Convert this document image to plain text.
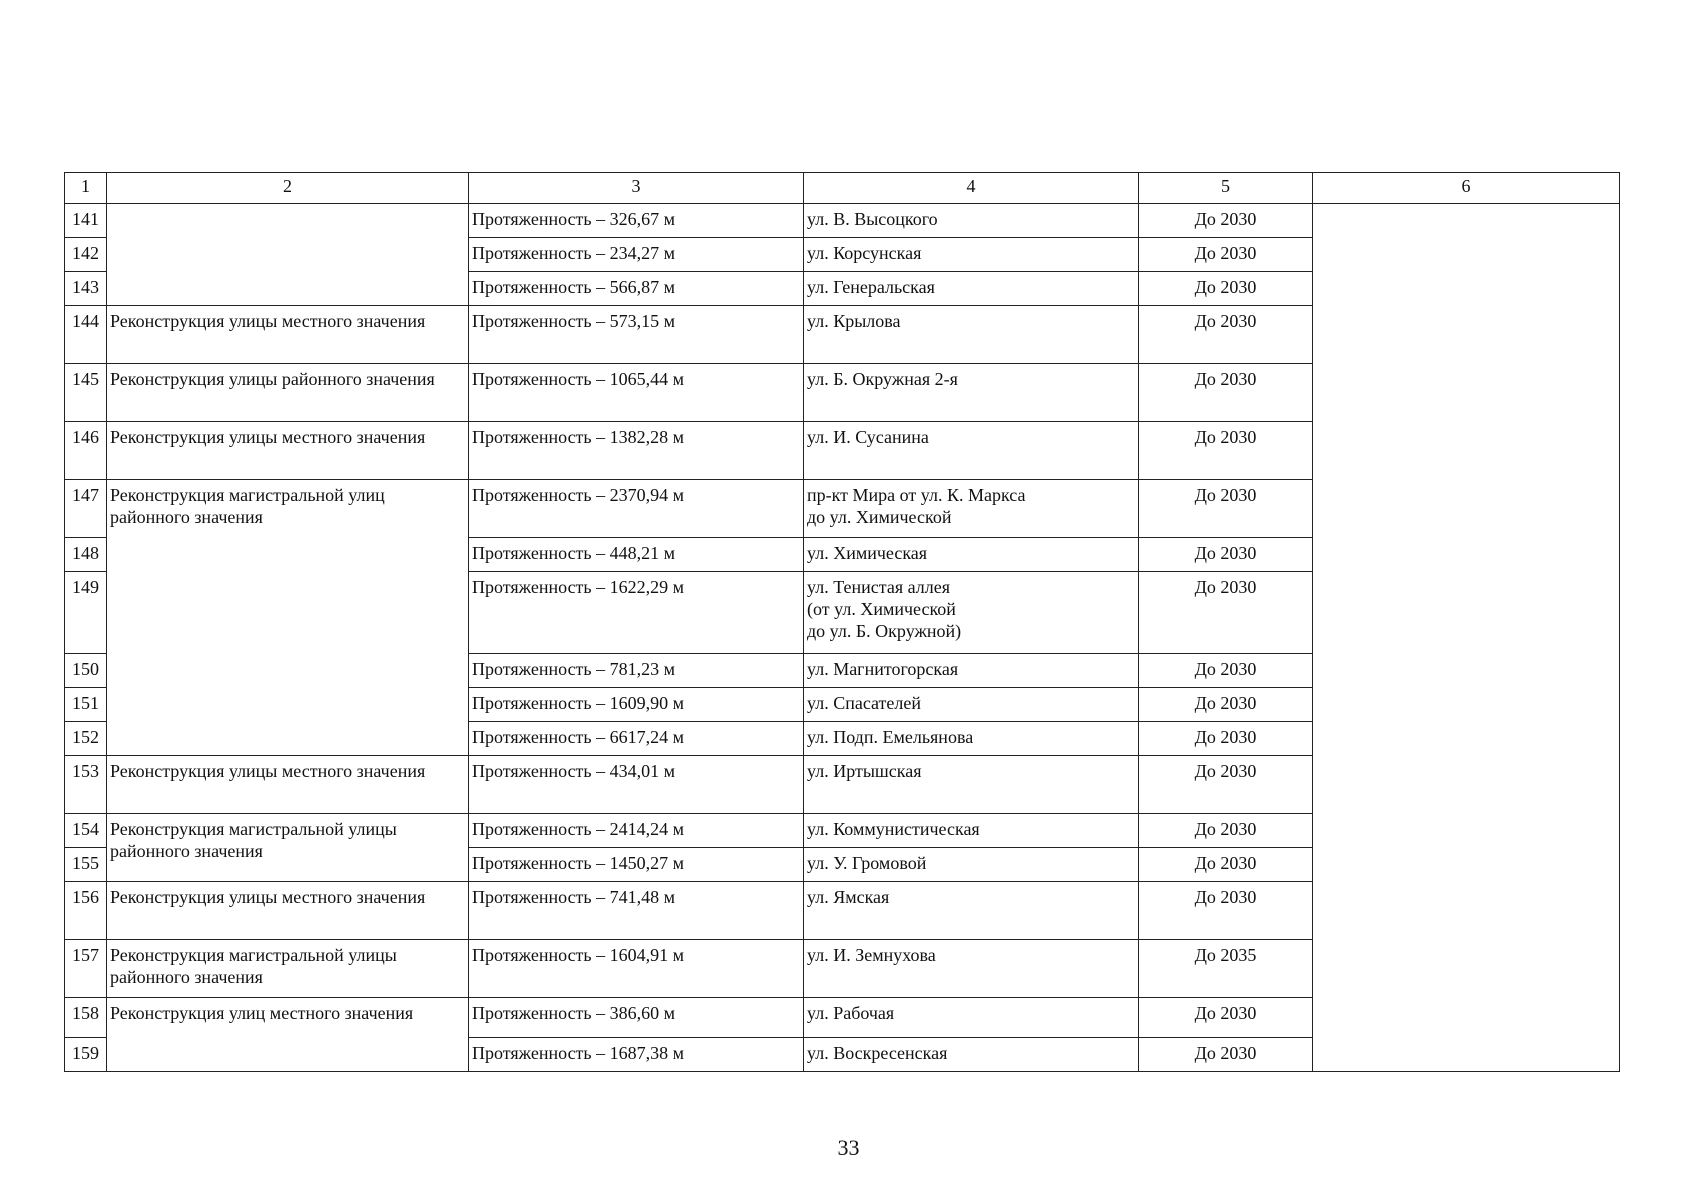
1	2	3	4	5	6
141		Протяженность – 326,67 м	ул. В. Высоцкого	До 2030	
142		Протяженность – 234,27 м	ул. Корсунская	До 2030	
143		Протяженность – 566,87 м	ул. Генеральская	До 2030	
144	Реконструкция улицы местного значения	Протяженность – 573,15 м	ул. Крылова	До 2030	
145	Реконструкция улицы районного значения	Протяженность – 1065,44 м	ул. Б. Окружная 2-я	До 2030	
146	Реконструкция улицы местного значения	Протяженность – 1382,28 м	ул. И. Сусанина	До 2030	
147	Реконструкция магистральной улиц районного значения	Протяженность – 2370,94 м	пр-кт Мира от ул. К. Маркса
до ул. Химической	До 2030	
148		Протяженность – 448,21 м	ул. Химическая	До 2030	
149		Протяженность – 1622,29 м	ул. Тенистая аллея
(от ул. Химической
до ул. Б. Окружной)	До 2030	
150		Протяженность – 781,23 м	ул. Магнитогорская	До 2030	
151		Протяженность – 1609,90 м	ул. Спасателей	До 2030	
152		Протяженность – 6617,24 м	ул. Подп. Емельянова	До 2030	
153	Реконструкция улицы местного значения	Протяженность – 434,01 м	ул. Иртышская	До 2030	
154	Реконструкция магистральной улицы районного значения	Протяженность – 2414,24 м	ул. Коммунистическая	До 2030	
155		Протяженность – 1450,27 м	ул. У. Громовой	До 2030	
156	Реконструкция улицы местного значения	Протяженность – 741,48 м	ул. Ямская	До 2030	
157	Реконструкция магистральной улицы районного значения	Протяженность – 1604,91 м	ул. И. Земнухова	До 2035	
158	Реконструкция улиц местного значения	Протяженность – 386,60 м	ул. Рабочая	До 2030	
159		Протяженность – 1687,38 м	ул. Воскресенская	До 2030	
33
